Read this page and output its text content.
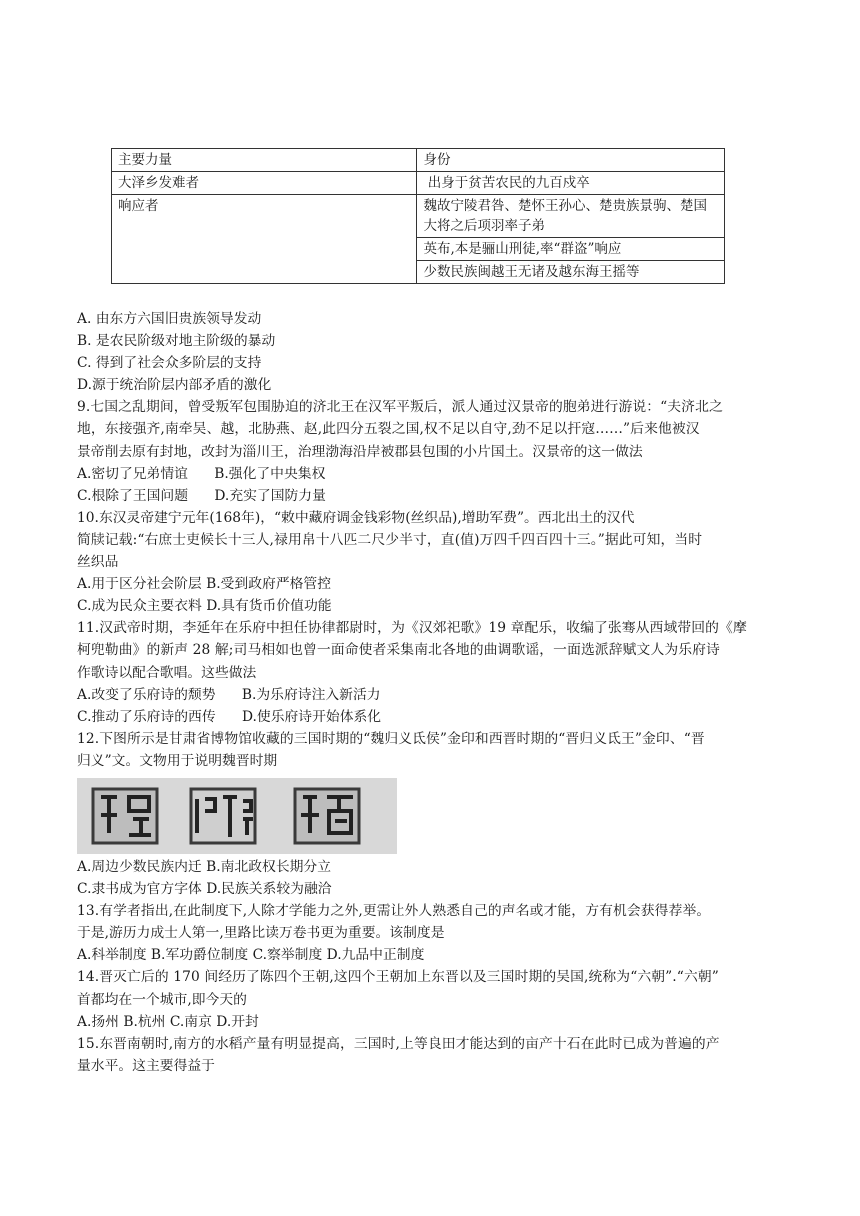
主要力量	身份
大泽乡发难者	出身于贫苦农民的九百戍卒
响应者	魏故宁陵君咎、楚怀王孙心、楚贵族景驹、楚国大将之后项羽率子弟
	英布,本是骊山刑徒,率“群盗”响应
	少数民族闽越王无诸及越东海王摇等
A. 由东方六国旧贵族领导发动
B. 是农民阶级对地主阶级的暴动
C. 得到了社会众多阶层的支持
D.源于统治阶层内部矛盾的激化
9.七国之乱期间，曾受叛军包围胁迫的济北王在汉军平叛后，派人通过汉景帝的胞弟进行游说：“夫济北之
地，东接强齐,南牵吴、越，北胁燕、赵,此四分五裂之国,权不足以自守,劲不足以扞寇……”后来他被汉
景帝削去原有封地，改封为淄川王，治理渤海沿岸被郡县包围的小片国土。汉景帝的这一做法
A.密切了兄弟情谊 B.强化了中央集权
C.根除了王国问题 D.充实了国防力量
10.东汉灵帝建宁元年(168年)，“敕中藏府调金钱彩物(丝织品),增助军费”。西北出土的汉代
简牍记载:“右庶士吏候长十三人,禄用帛十八匹二尺少半寸，直(值)万四千四百四十三。”据此可知，当时
丝织品
A.用于区分社会阶层 B.受到政府严格管控
C.成为民众主要衣料 D.具有货币价值功能
11.汉武帝时期，李延年在乐府中担任协律都尉时，为《汉郊祀歌》19 章配乐，收编了张骞从西域带回的《摩
柯兜勒曲》的新声 28 解;司马相如也曾一面命使者采集南北各地的曲调歌谣，一面选派辞赋文人为乐府诗
作歌诗以配合歌唱。这些做法
A.改变了乐府诗的颓势 B.为乐府诗注入新活力
C.推动了乐府诗的西传 D.使乐府诗开始体系化
12.下图所示是甘肃省博物馆收藏的三国时期的“魏归义氐侯”金印和西晋时期的“晋归义氐王”金印、“晋
归义”文。文物用于说明魏晋时期
A.周边少数民族内迁 B.南北政权长期分立
C.隶书成为官方字体 D.民族关系较为融洽
13.有学者指出,在此制度下,人除才学能力之外,更需让外人熟悉自己的声名或才能，方有机会获得荐举。
于是,游历力成士人第一,里路比读万卷书更为重要。该制度是
A.科举制度 B.军功爵位制度 C.察举制度 D.九品中正制度
14.晋灭亡后的 170 间经历了陈四个王朝,这四个王朝加上东晋以及三国时期的吴国,统称为“六朝”.“六朝”
首都均在一个城市,即今天的
A.扬州 B.杭州 C.南京 D.开封
15.东晋南朝时,南方的水稻产量有明显提高，三国时,上等良田才能达到的亩产十石在此时已成为普遍的产
量水平。这主要得益于
